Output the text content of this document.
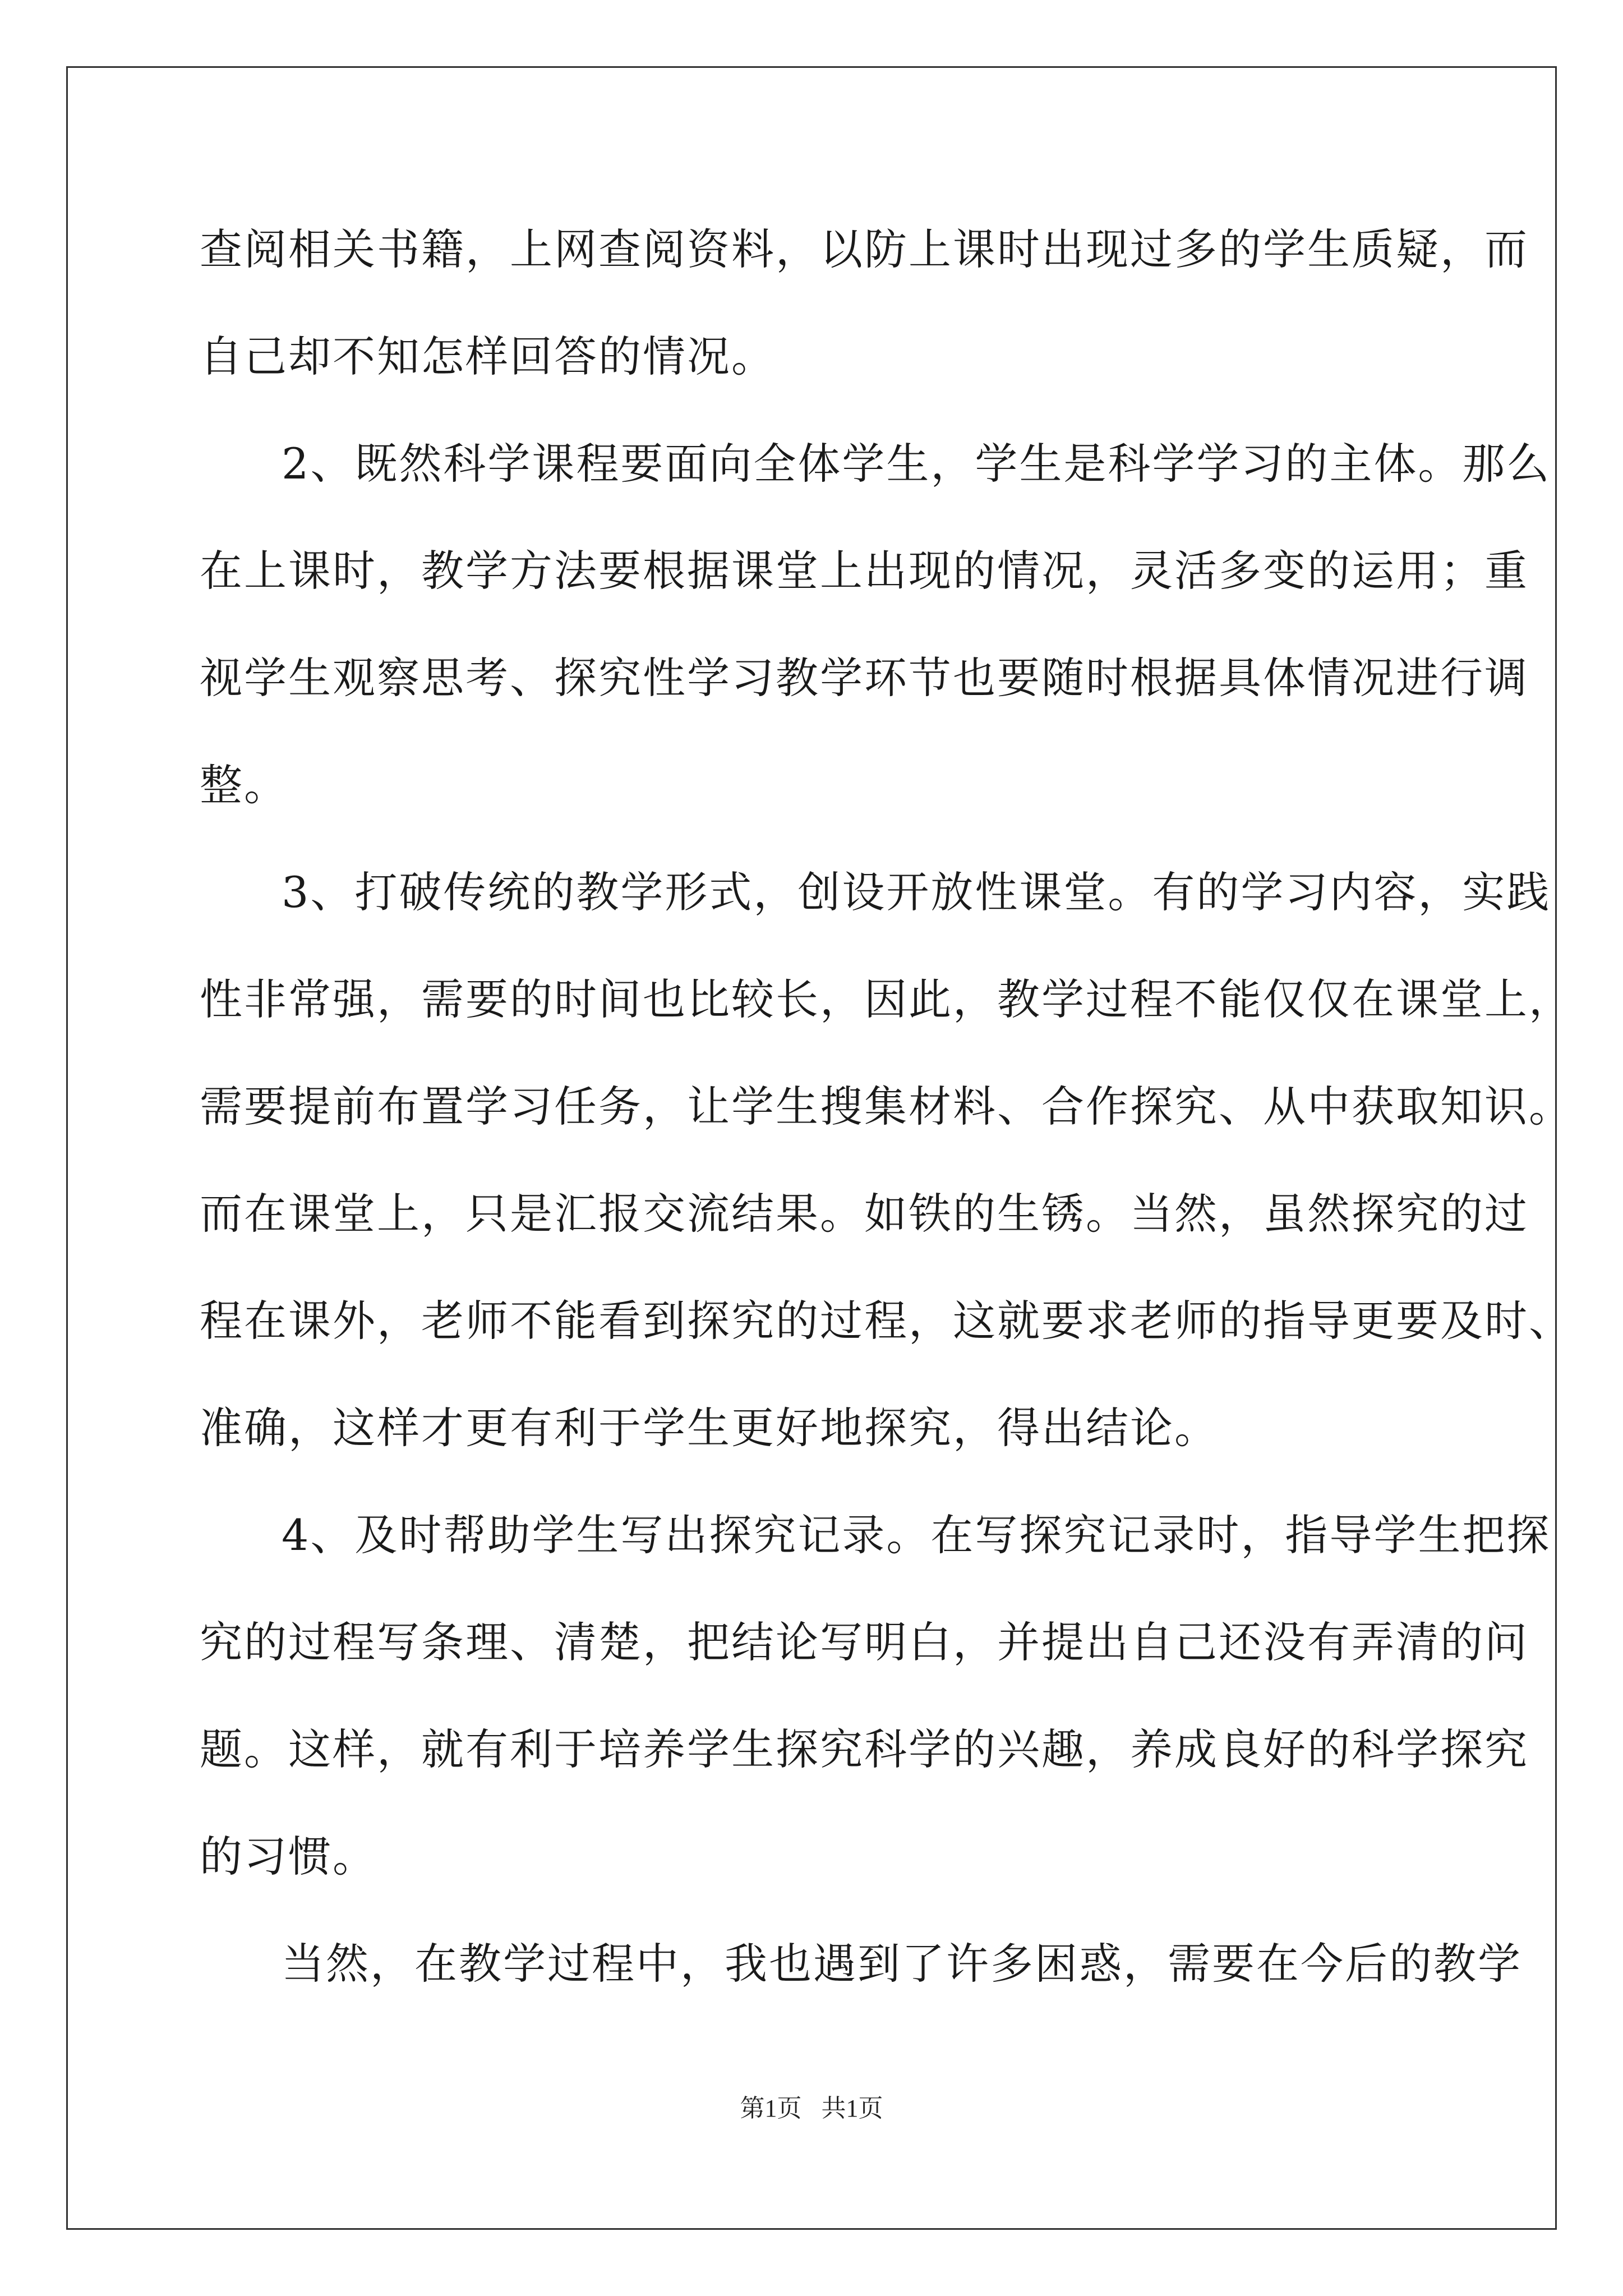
查阅相关书籍，上网查阅资料，以防上课时出现过多的学生质疑，而
自己却不知怎样回答的情况。
2、既然科学课程要面向全体学生，学生是科学学习的主体。那么
在上课时，教学方法要根据课堂上出现的情况，灵活多变的运用；重
视学生观察思考、探究性学习教学环节也要随时根据具体情况进行调
整。
3、打破传统的教学形式，创设开放性课堂。有的学习内容，实践
性非常强，需要的时间也比较长，因此，教学过程不能仅仅在课堂上，
需要提前布置学习任务，让学生搜集材料、合作探究、从中获取知识。
而在课堂上，只是汇报交流结果。如铁的生锈。当然，虽然探究的过
程在课外，老师不能看到探究的过程，这就要求老师的指导更要及时、
准确，这样才更有利于学生更好地探究，得出结论。
4、及时帮助学生写出探究记录。在写探究记录时，指导学生把探
究的过程写条理、清楚，把结论写明白，并提出自己还没有弄清的问
题。这样，就有利于培养学生探究科学的兴趣，养成良好的科学探究
的习惯。
当然，在教学过程中，我也遇到了许多困惑，需要在今后的教学
第1页 共1页
